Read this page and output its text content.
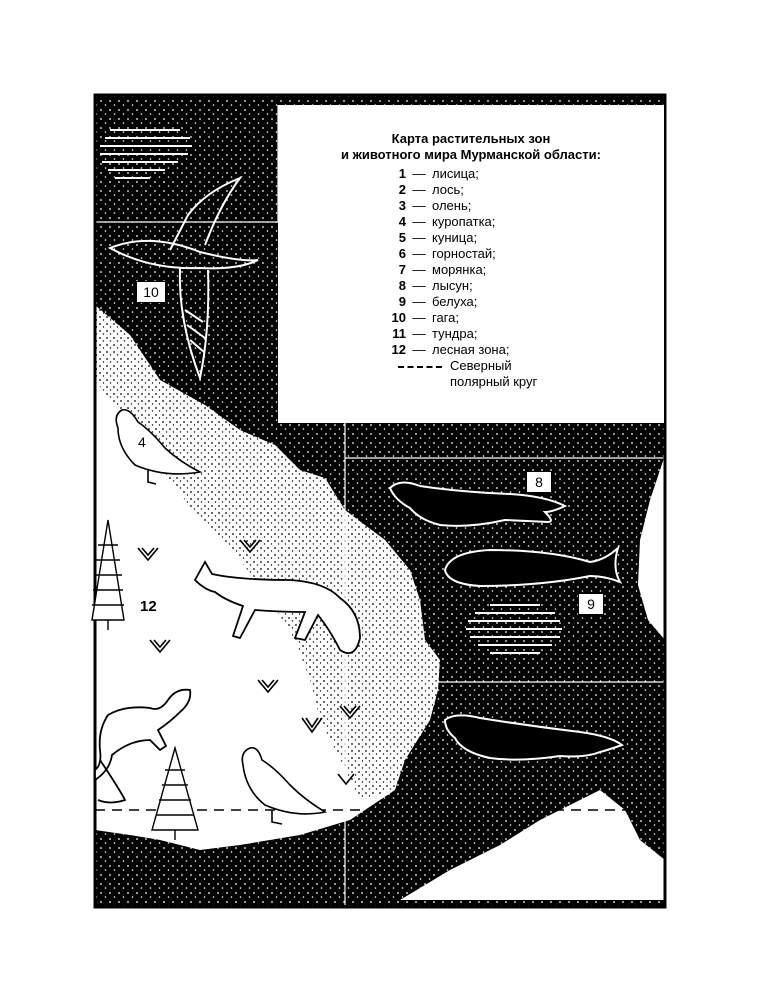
Карта растительных зон
и животного мира Мурманской области:
1 — лисица;
2 — лось;
3 — олень;
4 — куропатка;
5 — куница;
6 — горностай;
7 — морянка;
8 — лысун;
9 — белуха;
10 — гага;
11 — тундра;
12 — лесная зона;
Северный
полярный круг
10
4
12
8
9
